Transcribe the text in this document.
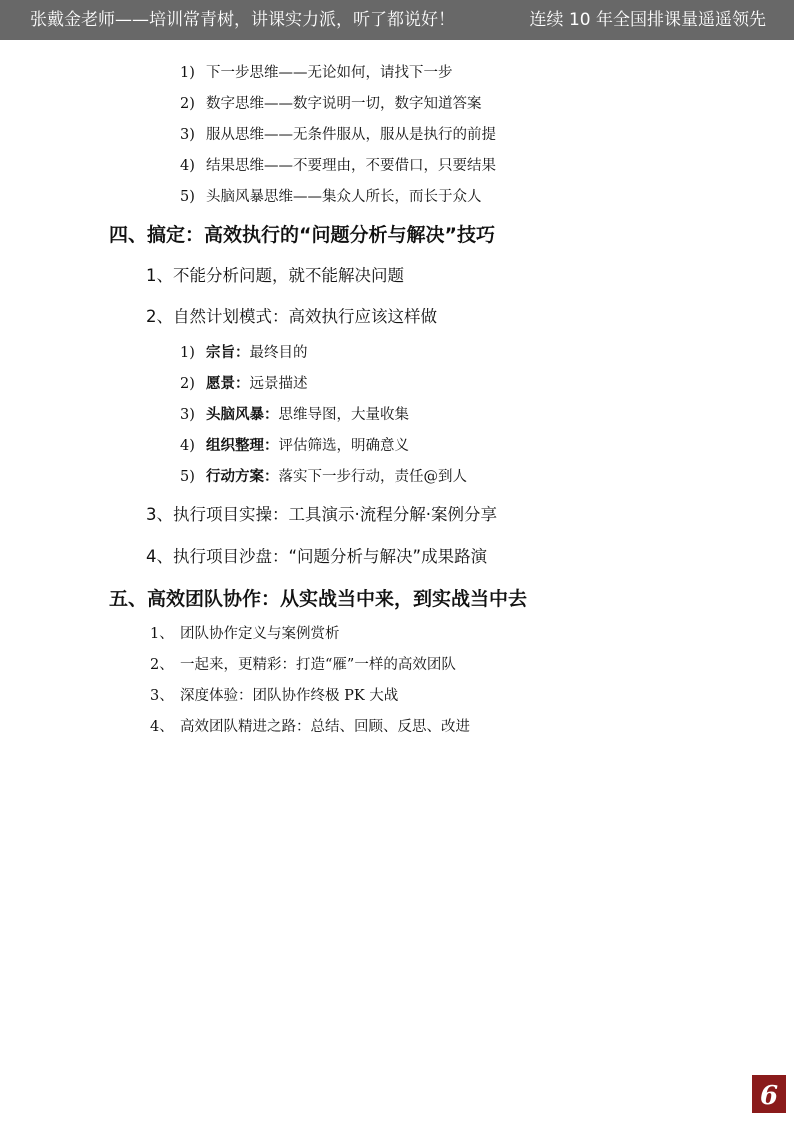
张戴金老师——培训常青树，讲课实力派，听了都说好！	连续 10 年全国排课量遥遥领先
1) 下一步思维——无论如何，请找下一步
2) 数字思维——数字说明一切，数字知道答案
3) 服从思维——无条件服从，服从是执行的前提
4) 结果思维——不要理由，不要借口，只要结果
5) 头脑风暴思维——集众人所长，而长于众人
四、搞定：高效执行的“问题分析与解决”技巧
1、不能分析问题，就不能解决问题
2、自然计划模式：高效执行应该这样做
1) 宗旨：最终目的
2) 愿景：远景描述
3) 头脑风暴：思维导图，大量收集
4) 组织整理：评估筛选，明确意义
5) 行动方案：落实下一步行动，责任@到人
3、执行项目实操：工具演示·流程分解·案例分享
4、执行项目沙盘：“问题分析与解决”成果路演
五、高效团队协作：从实战当中来，到实战当中去
1、 团队协作定义与案例赏析
2、 一起来，更精彩：打造“雁”一样的高效团队
3、 深度体验：团队协作终极 PK 大战
4、 高效团队精进之路：总结、回顾、反思、改进
6
